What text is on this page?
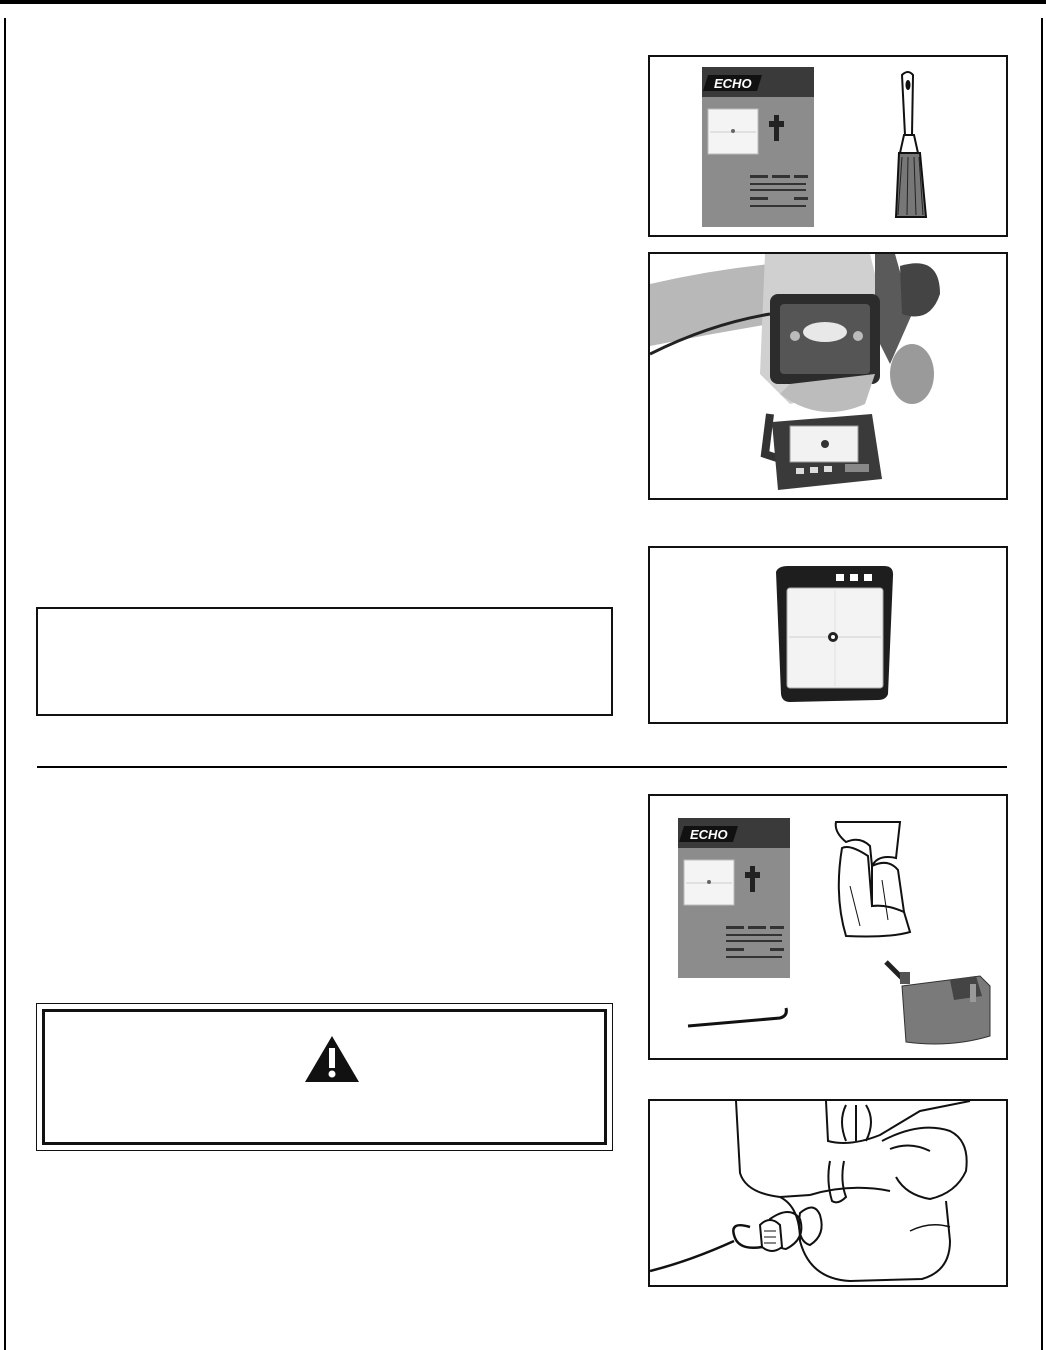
ECHO
ECHO
